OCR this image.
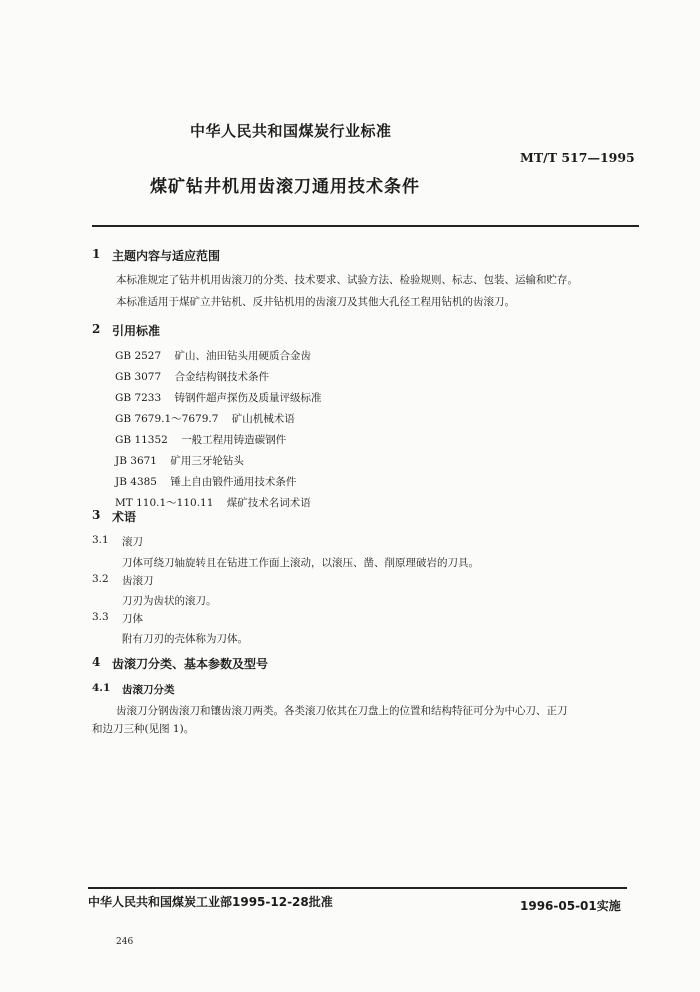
中华人民共和国煤炭行业标准
MT/T 517—1995
煤矿钻井机用齿滚刀通用技术条件
1 主题内容与适应范围
本标准规定了钻井机用齿滚刀的分类、技术要求、试验方法、检验规则、标志、包装、运输和贮存。
本标准适用于煤矿立井钻机、反井钻机用的齿滚刀及其他大孔径工程用钻机的齿滚刀。
2 引用标准
GB 2527 矿山、油田钻头用硬质合金齿
GB 3077 合金结构钢技术条件
GB 7233 铸钢件超声探伤及质量评级标准
GB 7679.1～7679.7 矿山机械术语
GB 11352 一般工程用铸造碳钢件
JB 3671 矿用三牙轮钻头
JB 4385 锤上自由锻件通用技术条件
MT 110.1～110.11 煤矿技术名词术语
3 术语
3.1 滚刀
刀体可绕刀轴旋转且在钻进工作面上滚动，以滚压、凿、削原理破岩的刀具。
3.2 齿滚刀
刀刃为齿状的滚刀。
3.3 刀体
附有刀刃的壳体称为刀体。
4 齿滚刀分类、基本参数及型号
4.1 齿滚刀分类
齿滚刀分钢齿滚刀和镶齿滚刀两类。各类滚刀依其在刀盘上的位置和结构特征可分为中心刀、正刀
和边刀三种(见图 1)。
中华人民共和国煤炭工业部1995-12-28批准	1996-05-01实施
246
